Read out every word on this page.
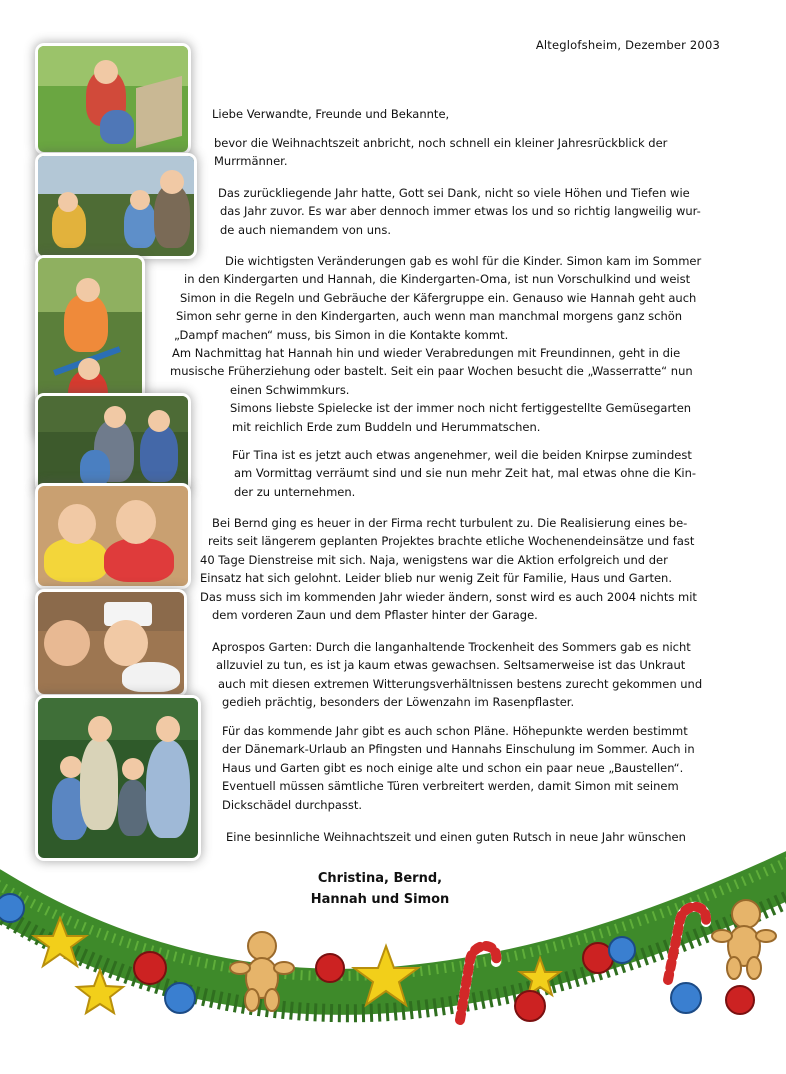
Alteglofsheim, Dezember 2003
Liebe Verwandte, Freunde und Bekannte,
bevor die Weihnachtszeit anbricht, noch schnell ein kleiner Jahresrückblick der
Murrmänner.
Das zurückliegende Jahr hatte, Gott sei Dank, nicht so viele Höhen und Tiefen wie
das Jahr zuvor. Es war aber dennoch immer etwas los und so richtig langweilig wur-
de auch niemandem von uns.
Die wichtigsten Veränderungen gab es wohl für die Kinder. Simon kam im Sommer
in den Kindergarten und Hannah, die Kindergarten-Oma, ist nun Vorschulkind und weist
Simon in die Regeln und Gebräuche der Käfergruppe ein. Genauso wie Hannah geht auch
Simon sehr gerne in den Kindergarten, auch wenn man manchmal morgens ganz schön
„Dampf machen“ muss, bis Simon in die Kontakte kommt.
Am Nachmittag hat Hannah hin und wieder Verabredungen mit Freundinnen, geht in die
musische Früherziehung oder bastelt. Seit ein paar Wochen besucht die „Wasserratte“ nun
einen Schwimmkurs.
Simons liebste Spielecke ist der immer noch nicht fertiggestellte Gemüsegarten
mit reichlich Erde zum Buddeln und Herummatschen.
Für Tina ist es jetzt auch etwas angenehmer, weil die beiden Knirpse zumindest
am Vormittag verräumt sind und sie nun mehr Zeit hat, mal etwas ohne die Kin-
der zu unternehmen.
Bei Bernd ging es heuer in der Firma recht turbulent zu. Die Realisierung eines be-
reits seit längerem geplanten Projektes brachte etliche Wochenendeinsätze und fast
40 Tage Dienstreise mit sich. Naja, wenigstens war die Aktion erfolgreich und der
Einsatz hat sich gelohnt. Leider blieb nur wenig Zeit für Familie, Haus und Garten.
Das muss sich im kommenden Jahr wieder ändern, sonst wird es auch 2004 nichts mit
dem vorderen Zaun und dem Pflaster hinter der Garage.
Aprospos Garten: Durch die langanhaltende Trockenheit des Sommers gab es nicht
allzuviel zu tun, es ist ja kaum etwas gewachsen. Seltsamerweise ist das Unkraut
auch mit diesen extremen Witterungsverhältnissen bestens zurecht gekommen und
gedieh prächtig, besonders der Löwenzahn im Rasenpflaster.
Für das kommende Jahr gibt es auch schon Pläne. Höhepunkte werden bestimmt
der Dänemark-Urlaub an Pfingsten und Hannahs Einschulung im Sommer. Auch in
Haus und Garten gibt es noch einige alte und schon ein paar neue „Baustellen“.
Eventuell müssen sämtliche Türen verbreitert werden, damit Simon mit seinem
Dickschädel durchpasst.
Eine besinnliche Weihnachtszeit und einen guten Rutsch in neue Jahr wünschen
Christina, Bernd,
Hannah und Simon
